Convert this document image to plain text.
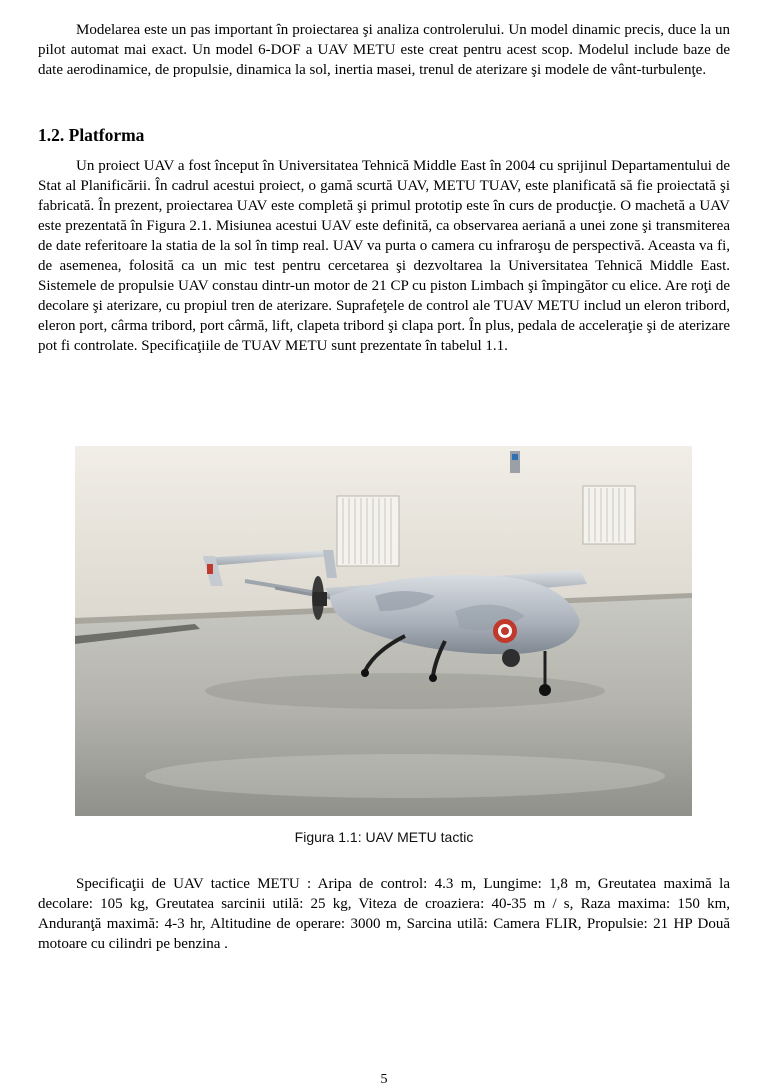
Modelarea este un pas important în proiectarea şi analiza controlerului. Un model dinamic precis, duce la un pilot automat mai exact. Un model 6-DOF a UAV METU este creat pentru acest scop. Modelul include baze de date aerodinamice, de propulsie, dinamica la sol, inertia masei, trenul de aterizare şi modele de vânt-turbulenţe.

1.2. Platforma

Un proiect UAV a fost început în Universitatea Tehnică Middle East în 2004 cu sprijinul Departamentului de Stat al Planificării. În cadrul acestui proiect, o gamă scurtă UAV, METU TUAV, este planificată să fie proiectată şi fabricată. În prezent, proiectarea UAV este completă şi primul prototip este în curs de producţie. O machetă a UAV este prezentată în Figura 2.1. Misiunea acestui UAV este definită, ca observarea aeriană a unei zone şi transmiterea de date referitoare la statia de la sol în timp real. UAV va purta o camera cu infraroşu de perspectivă. Aceasta va fi, de asemenea, folosită ca un mic test pentru cercetarea şi dezvoltarea la Universitatea Tehnică Middle East. Sistemele de propulsie UAV constau dintr-un motor de 21 CP cu piston Limbach şi împingător cu elice. Are roţi de decolare şi aterizare, cu propiul tren de aterizare. Suprafeţele de control ale TUAV METU includ un eleron tribord, eleron port, cârma tribord, port cârmă, lift, clapeta tribord şi clapa port. În plus, pedala de acceleraţie şi de aterizare pot fi controlate. Specificaţiile de TUAV METU sunt prezentate în tabelul 1.1.

Figura 1.1: UAV METU tactic

Specificaţii de UAV tactice METU : Aripa de control: 4.3 m, Lungime: 1,8 m, Greutatea maximă la decolare: 105 kg, Greutatea sarcinii utilă: 25 kg, Viteza de croaziera: 40-35 m / s, Raza maxima: 150 km, Anduranţă maximă: 4-3 hr, Altitudine de operare: 3000 m, Sarcina utilă: Camera FLIR, Propulsie: 21 HP Două motoare cu cilindri pe benzina .

5
